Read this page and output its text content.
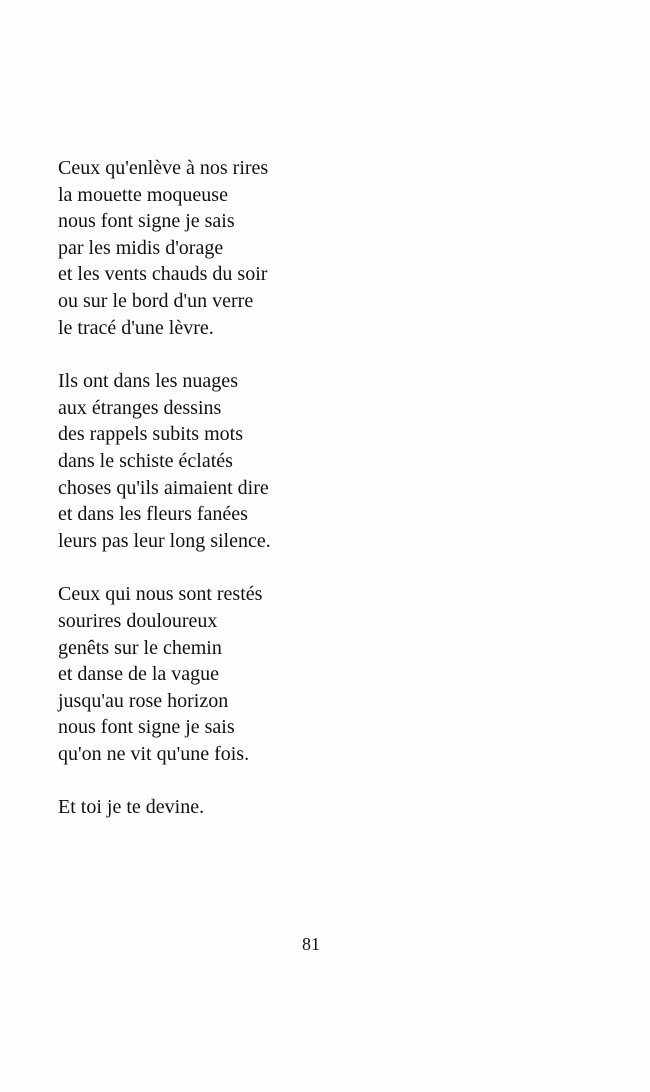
Ceux qu'enlève à nos rires
la mouette moqueuse
nous font signe je sais
par les midis d'orage
et les vents chauds du soir
ou sur le bord d'un verre
le tracé d'une lèvre.
Ils ont dans les nuages
aux étranges dessins
des rappels subits mots
dans le schiste éclatés
choses qu'ils aimaient dire
et dans les fleurs fanées
leurs pas leur long silence.
Ceux qui nous sont restés
sourires douloureux
genêts sur le chemin
et danse de la vague
jusqu'au rose horizon
nous font signe je sais
qu'on ne vit qu'une fois.
Et toi je te devine.
81
